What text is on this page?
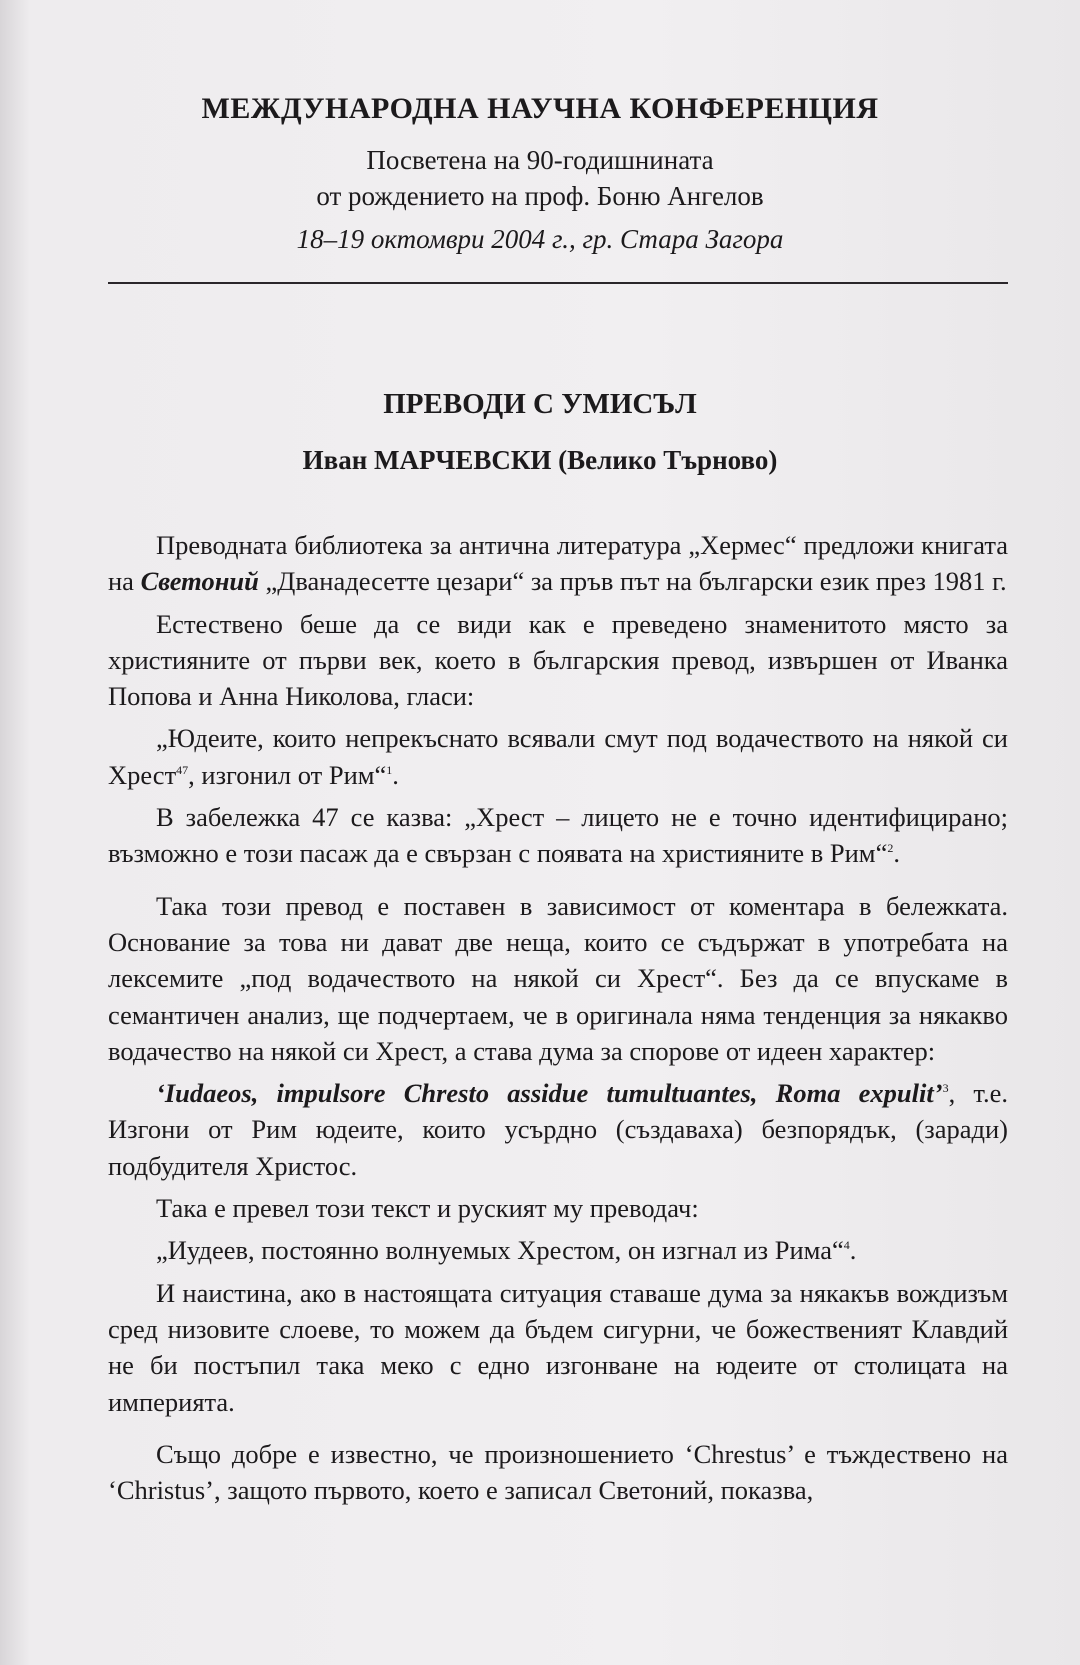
МЕЖДУНАРОДНА НАУЧНА КОНФЕРЕНЦИЯ
Посветена на 90-годишнината
от рождението на проф. Боню Ангелов
18–19 октомври 2004 г., гр. Стара Загора
ПРЕВОДИ С УМИСЪЛ
Иван МАРЧЕВСКИ (Велико Търново)

Преводната библиотека за антична литература „Хермес“ предложи книгата на Светоний „Дванадесетте цезари“ за пръв път на български език през 1981 г.

Естествено беше да се види как е преведено знаменитото място за християните от първи век, което в българския превод, извършен от Иванка Попова и Анна Николова, гласи:

„Юдеите, които непрекъснато всявали смут под водачеството на някой си Хрест$^{47}$, изгонил от Рим“$^1$.

В забележка 47 се казва: „Хрест – лицето не е точно идентифицирано; възможно е този пасаж да е свързан с появата на християните в Рим“$^2$.

Така този превод е поставен в зависимост от коментара в бележката. Основание за това ни дават две неща, които се съдържат в употребата на лексемите „под водачеството на някой си Хрест“. Без да се впускаме в семантичен анализ, ще подчертаем, че в оригинала няма тенденция за някакво водачество на някой си Хрест, а става дума за спорове от идеен характер:

‘Iudaeos, impulsore Chresto assidue tumultuantes, Roma expulit’$^3$, т.е. Изгони от Рим юдеите, които усърдно (създаваха) безпорядък, (заради) подбудителя Христос.

Така е превел този текст и руският му преводач:

„Иудеев, постоянно волнуемых Хрестом, он изгнал из Рима“$^4$.

И наистина, ако в настоящата ситуация ставаше дума за някакъв вождизъм сред низовите слоеве, то можем да бъдем сигурни, че божественият Клавдий не би постъпил така меко с едно изгонване на юдеите от столицата на империята.

Също добре е известно, че произношението ‘Chrestus’ е тъждествено на ‘Christus’, защото първото, което е записал Светоний, показва,
